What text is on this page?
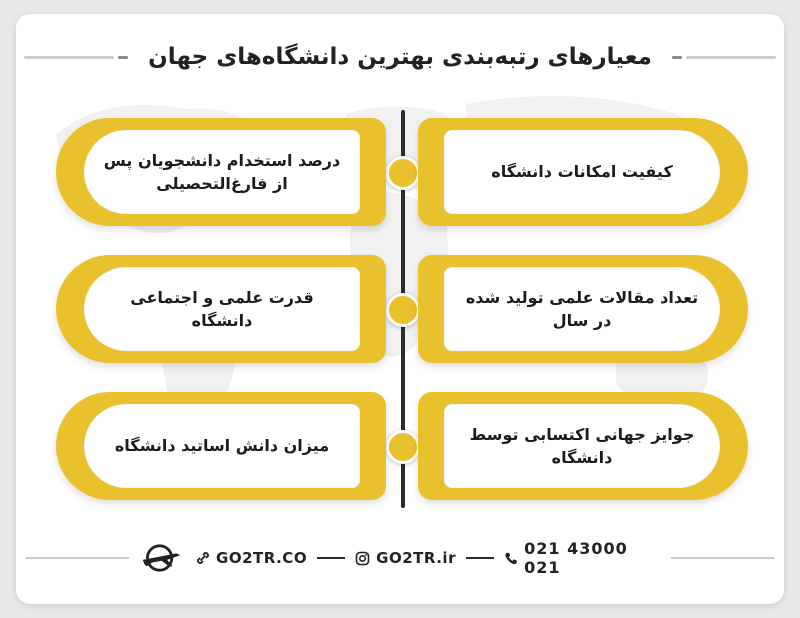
معیارهای رتبه‌بندی بهترین دانشگاه‌های جهان
درصد استخدام دانشجویان پس از فارغ‌التحصیلی
کیفیت امکانات دانشگاه
قدرت علمی و اجتماعی دانشگاه
تعداد مقالات علمی تولید شده در سال
میزان دانش اساتید دانشگاه
جوایز جهانی اکتسابی توسط دانشگاه
GO2TR.CO	GO2TR.ir	021 43000 021
